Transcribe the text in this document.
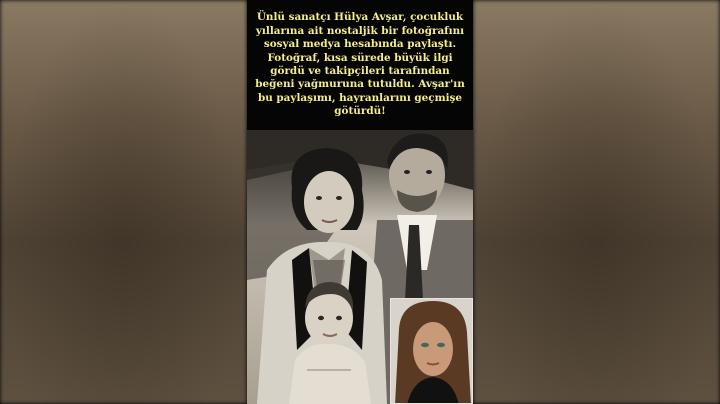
Ünlü sanatçı Hülya Avşar, çocukluk yıllarına ait nostaljik bir fotoğrafını sosyal medya hesabında paylaştı. Fotoğraf, kısa sürede büyük ilgi gördü ve takipçileri tarafından beğeni yağmuruna tutuldu. Avşar'ın bu paylaşımı, hayranlarını geçmişe götürdü!
